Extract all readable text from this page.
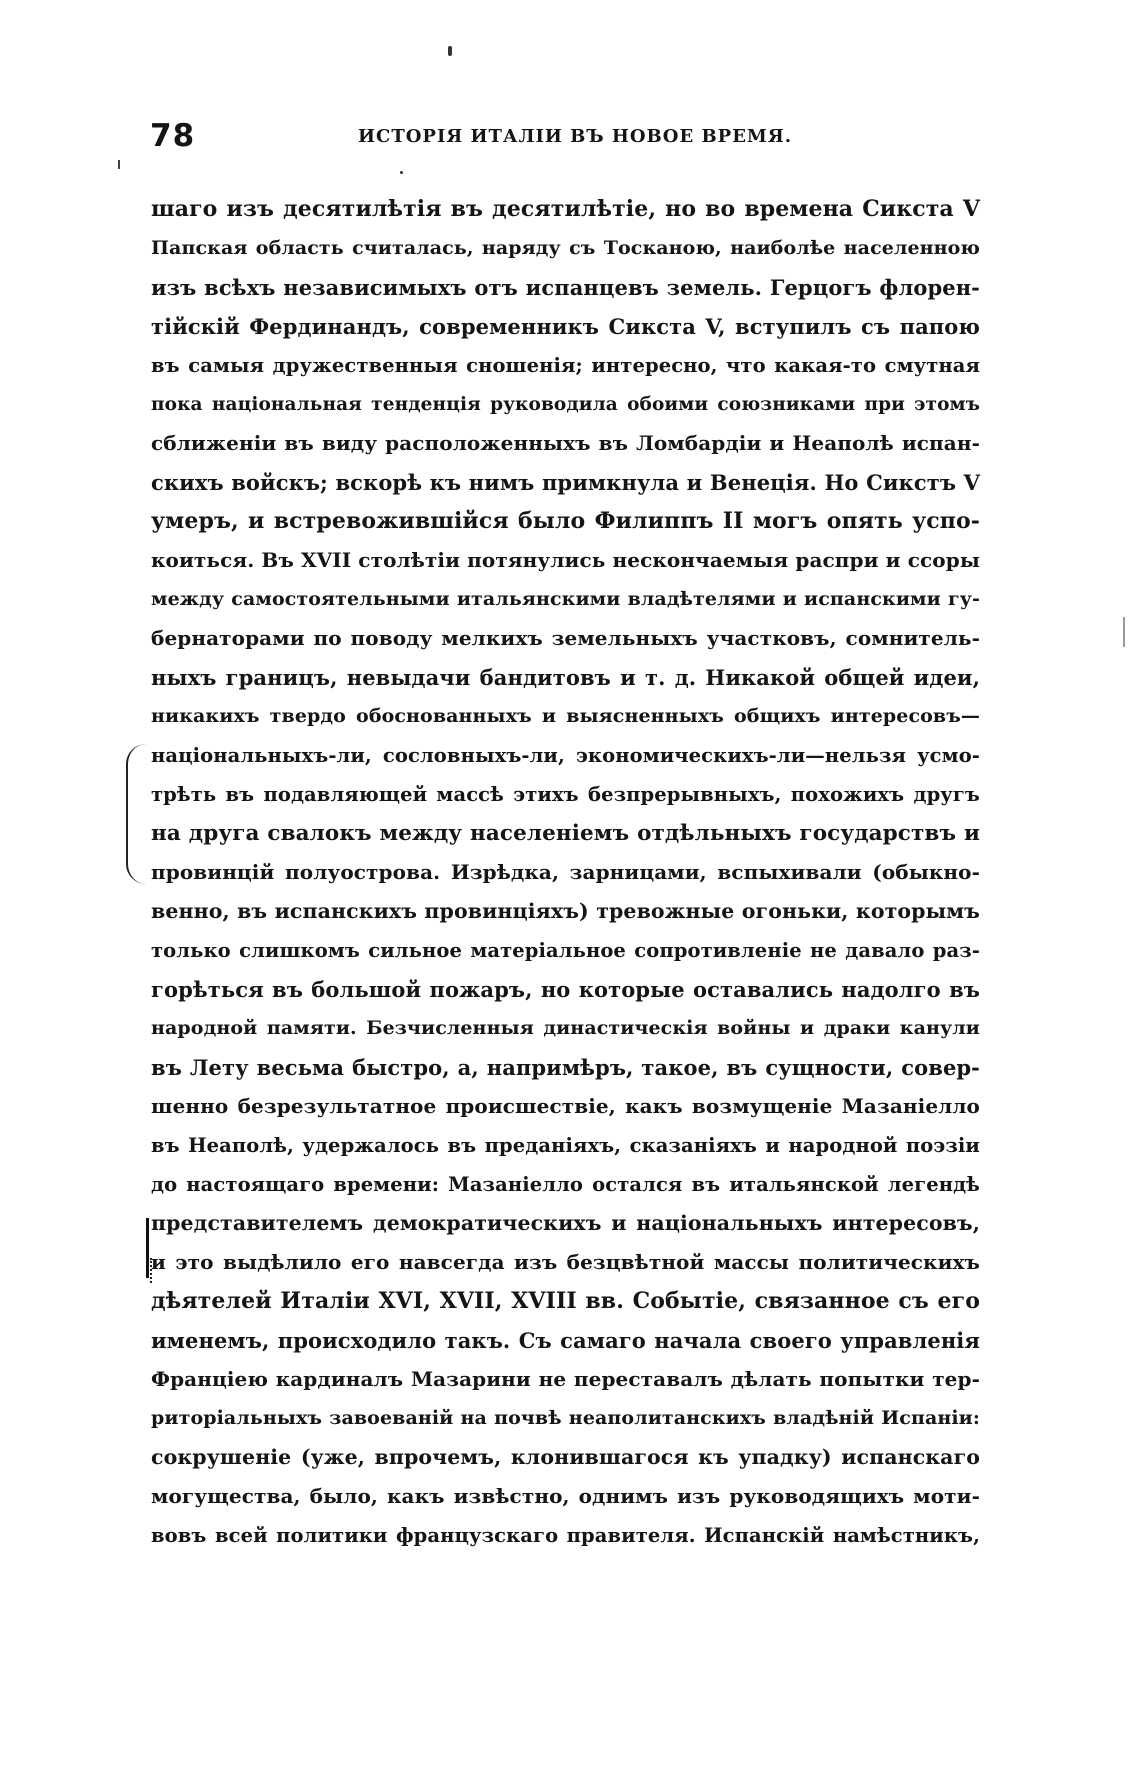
78	ИСТОРІЯ ИТАЛІИ ВЪ НОВОЕ ВРЕМЯ.
шаго изъ десятилѣтія въ десятилѣтіе, но во времена Сикста V
Папская область считалась, наряду съ Тосканою, наиболѣе населенною
изъ всѣхъ независимыхъ отъ испанцевъ земель. Герцогъ флорен-
тійскій Фердинандъ, современникъ Сикста V, вступилъ съ папою
въ самыя дружественныя сношенія; интересно, что какая-то смутная
пока національная тенденція руководила обоими союзниками при этомъ
сближеніи въ виду расположенныхъ въ Ломбардіи и Неаполѣ испан-
скихъ войскъ; вскорѣ къ нимъ примкнула и Венеція. Но Сикстъ V
умеръ, и встревожившійся было Филиппъ II могъ опять успо-
коиться. Въ XVII столѣтіи потянулись нескончаемыя распри и ссоры
между самостоятельными итальянскими владѣтелями и испанскими гу-
бернаторами по поводу мелкихъ земельныхъ участковъ, сомнитель-
ныхъ границъ, невыдачи бандитовъ и т. д. Никакой общей идеи,
никакихъ твердо обоснованныхъ и выясненныхъ общихъ интересовъ—
національныхъ-ли, сословныхъ-ли, экономическихъ-ли—нельзя усмо-
трѣть въ подавляющей массѣ этихъ безпрерывныхъ, похожихъ другъ
на друга свалокъ между населеніемъ отдѣльныхъ государствъ и
провинцій полуострова. Изрѣдка, зарницами, вспыхивали (обыкно-
венно, въ испанскихъ провинціяхъ) тревожные огоньки, которымъ
только слишкомъ сильное матеріальное сопротивленіе не давало раз-
горѣться въ большой пожаръ, но которые оставались надолго въ
народной памяти. Безчисленныя династическія войны и драки канули
въ Лету весьма быстро, а, напримѣръ, такое, въ сущности, совер-
шенно безрезультатное происшествіе, какъ возмущеніе Мазаніелло
въ Неаполѣ, удержалось въ преданіяхъ, сказаніяхъ и народной поэзіи
до настоящаго времени: Мазаніелло остался въ итальянской легендѣ
представителемъ демократическихъ и національныхъ интересовъ,
и это выдѣлило его навсегда изъ безцвѣтной массы политическихъ
дѣятелей Италіи XVI, XVII, XVIII вв. Событіе, связанное съ его
именемъ, происходило такъ. Съ самаго начала своего управленія
Франціею кардиналъ Мазарини не переставалъ дѣлать попытки тер-
риторіальныхъ завоеваній на почвѣ неаполитанскихъ владѣній Испаніи:
сокрушеніе (уже, впрочемъ, клонившагося къ упадку) испанскаго
могущества, было, какъ извѣстно, однимъ изъ руководящихъ моти-
вовъ всей политики французскаго правителя. Испанскій намѣстникъ,
